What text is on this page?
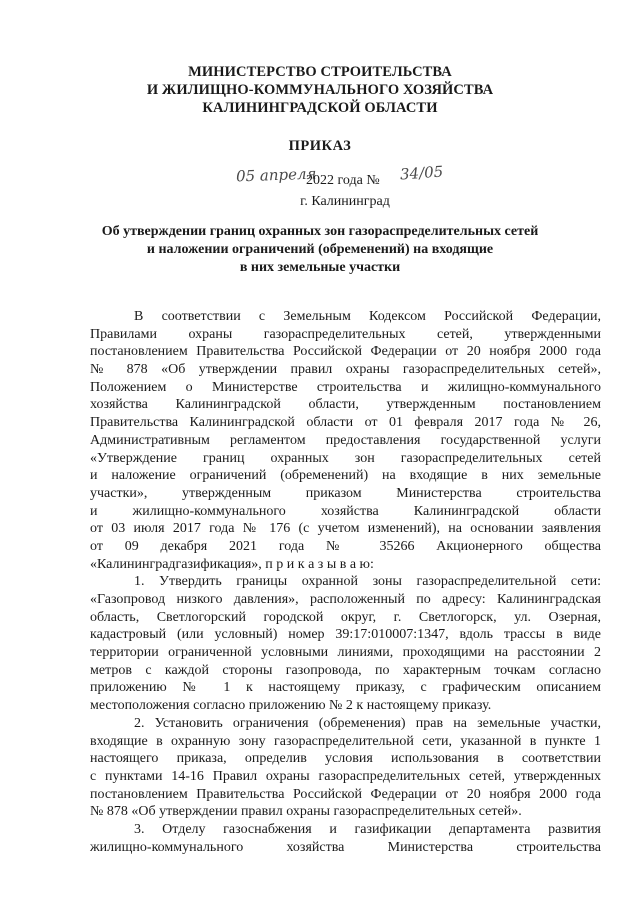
МИНИСТЕРСТВО СТРОИТЕЛЬСТВА
И ЖИЛИЩНО-КОММУНАЛЬНОГО ХОЗЯЙСТВА
КАЛИНИНГРАДСКОЙ ОБЛАСТИ
ПРИКАЗ
05 апреля
2022 года № 34/05
г. Калининград
Об утверждении границ охранных зон газораспределительных сетей
и наложении ограничений (обременений) на входящие
в них земельные участки
В соответствии с Земельным Кодексом Российской Федерации,
Правилами охраны газораспределительных сетей, утвержденными
постановлением Правительства Российской Федерации от 20 ноября 2000 года
№ 878 «Об утверждении правил охраны газораспределительных сетей»,
Положением о Министерстве строительства и жилищно-коммунального
хозяйства Калининградской области, утвержденным постановлением
Правительства Калининградской области от 01 февраля 2017 года № 26,
Административным регламентом предоставления государственной услуги
«Утверждение границ охранных зон газораспределительных сетей
и наложение ограничений (обременений) на входящие в них земельные
участки», утвержденным приказом Министерства строительства
и жилищно-коммунального хозяйства Калининградской области
от 03 июля 2017 года № 176 (с учетом изменений), на основании заявления
от 09 декабря 2021 года № 35266 Акционерного общества
«Калининградгазификация», п р и к а з ы в а ю:
1. Утвердить границы охранной зоны газораспределительной сети:
«Газопровод низкого давления», расположенный по адресу: Калининградская
область, Светлогорский городской округ, г. Светлогорск, ул. Озерная,
кадастровый (или условный) номер 39:17:010007:1347, вдоль трассы в виде
территории ограниченной условными линиями, проходящими на расстоянии 2
метров с каждой стороны газопровода, по характерным точкам согласно
приложению № 1 к настоящему приказу, с графическим описанием
местоположения согласно приложению № 2 к настоящему приказу.
2. Установить ограничения (обременения) прав на земельные участки,
входящие в охранную зону газораспределительной сети, указанной в пункте 1
настоящего приказа, определив условия использования в соответствии
с пунктами 14-16 Правил охраны газораспределительных сетей, утвержденных
постановлением Правительства Российской Федерации от 20 ноября 2000 года
№ 878 «Об утверждении правил охраны газораспределительных сетей».
3. Отделу газоснабжения и газификации департамента развития
жилищно-коммунального хозяйства Министерства строительства
